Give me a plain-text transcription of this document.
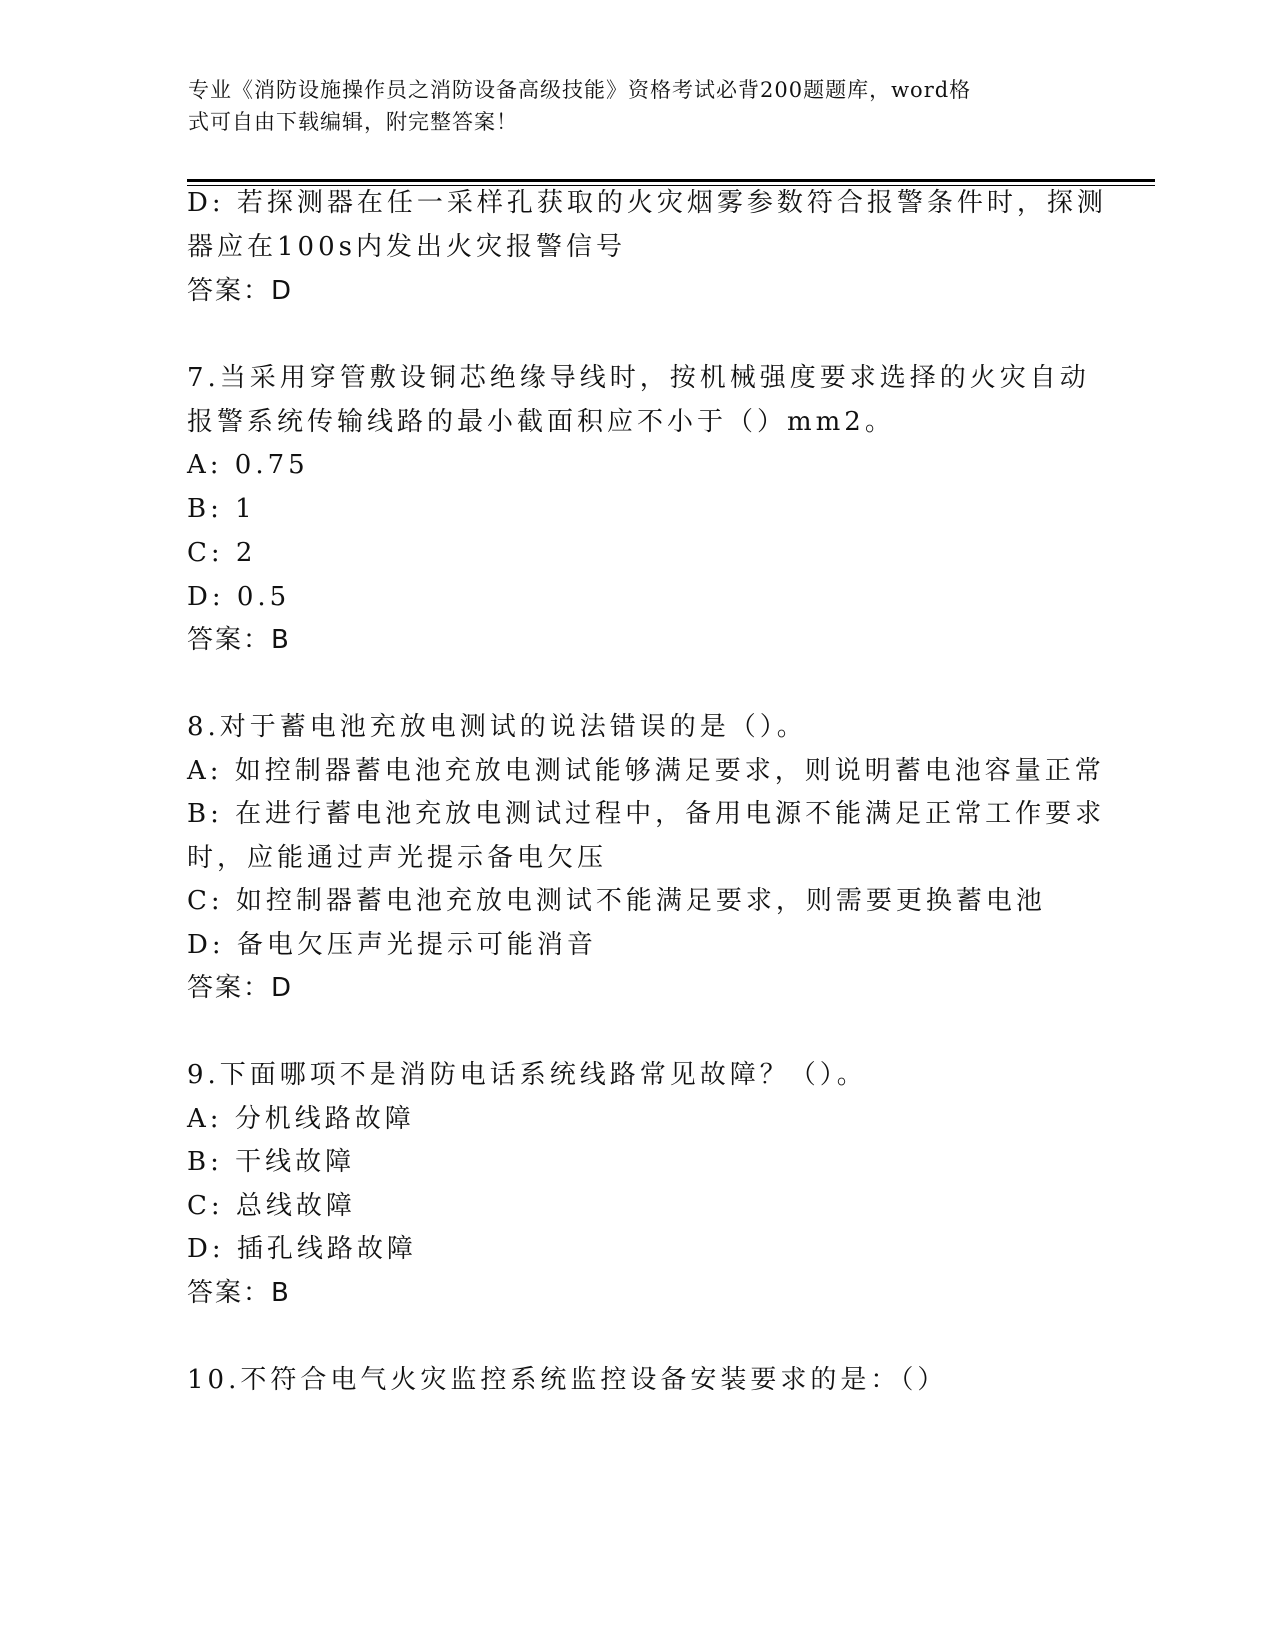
专业《消防设施操作员之消防设备高级技能》资格考试必背200题题库，word格
式可自由下载编辑，附完整答案！
D: 若探测器在任一采样孔获取的火灾烟雾参数符合报警条件时，探测
器应在100s内发出火灾报警信号
答案：D
7.当采用穿管敷设铜芯绝缘导线时，按机械强度要求选择的火灾自动
报警系统传输线路的最小截面积应不小于（）mm2。
A: 0.75
B: 1
C: 2
D: 0.5
答案：B
8.对于蓄电池充放电测试的说法错误的是（）。
A: 如控制器蓄电池充放电测试能够满足要求，则说明蓄电池容量正常
B: 在进行蓄电池充放电测试过程中，备用电源不能满足正常工作要求
时，应能通过声光提示备电欠压
C: 如控制器蓄电池充放电测试不能满足要求，则需要更换蓄电池
D: 备电欠压声光提示可能消音
答案：D
9.下面哪项不是消防电话系统线路常见故障？（）。
A: 分机线路故障
B: 干线故障
C: 总线故障
D: 插孔线路故障
答案：B
10.不符合电气火灾监控系统监控设备安装要求的是：（）
